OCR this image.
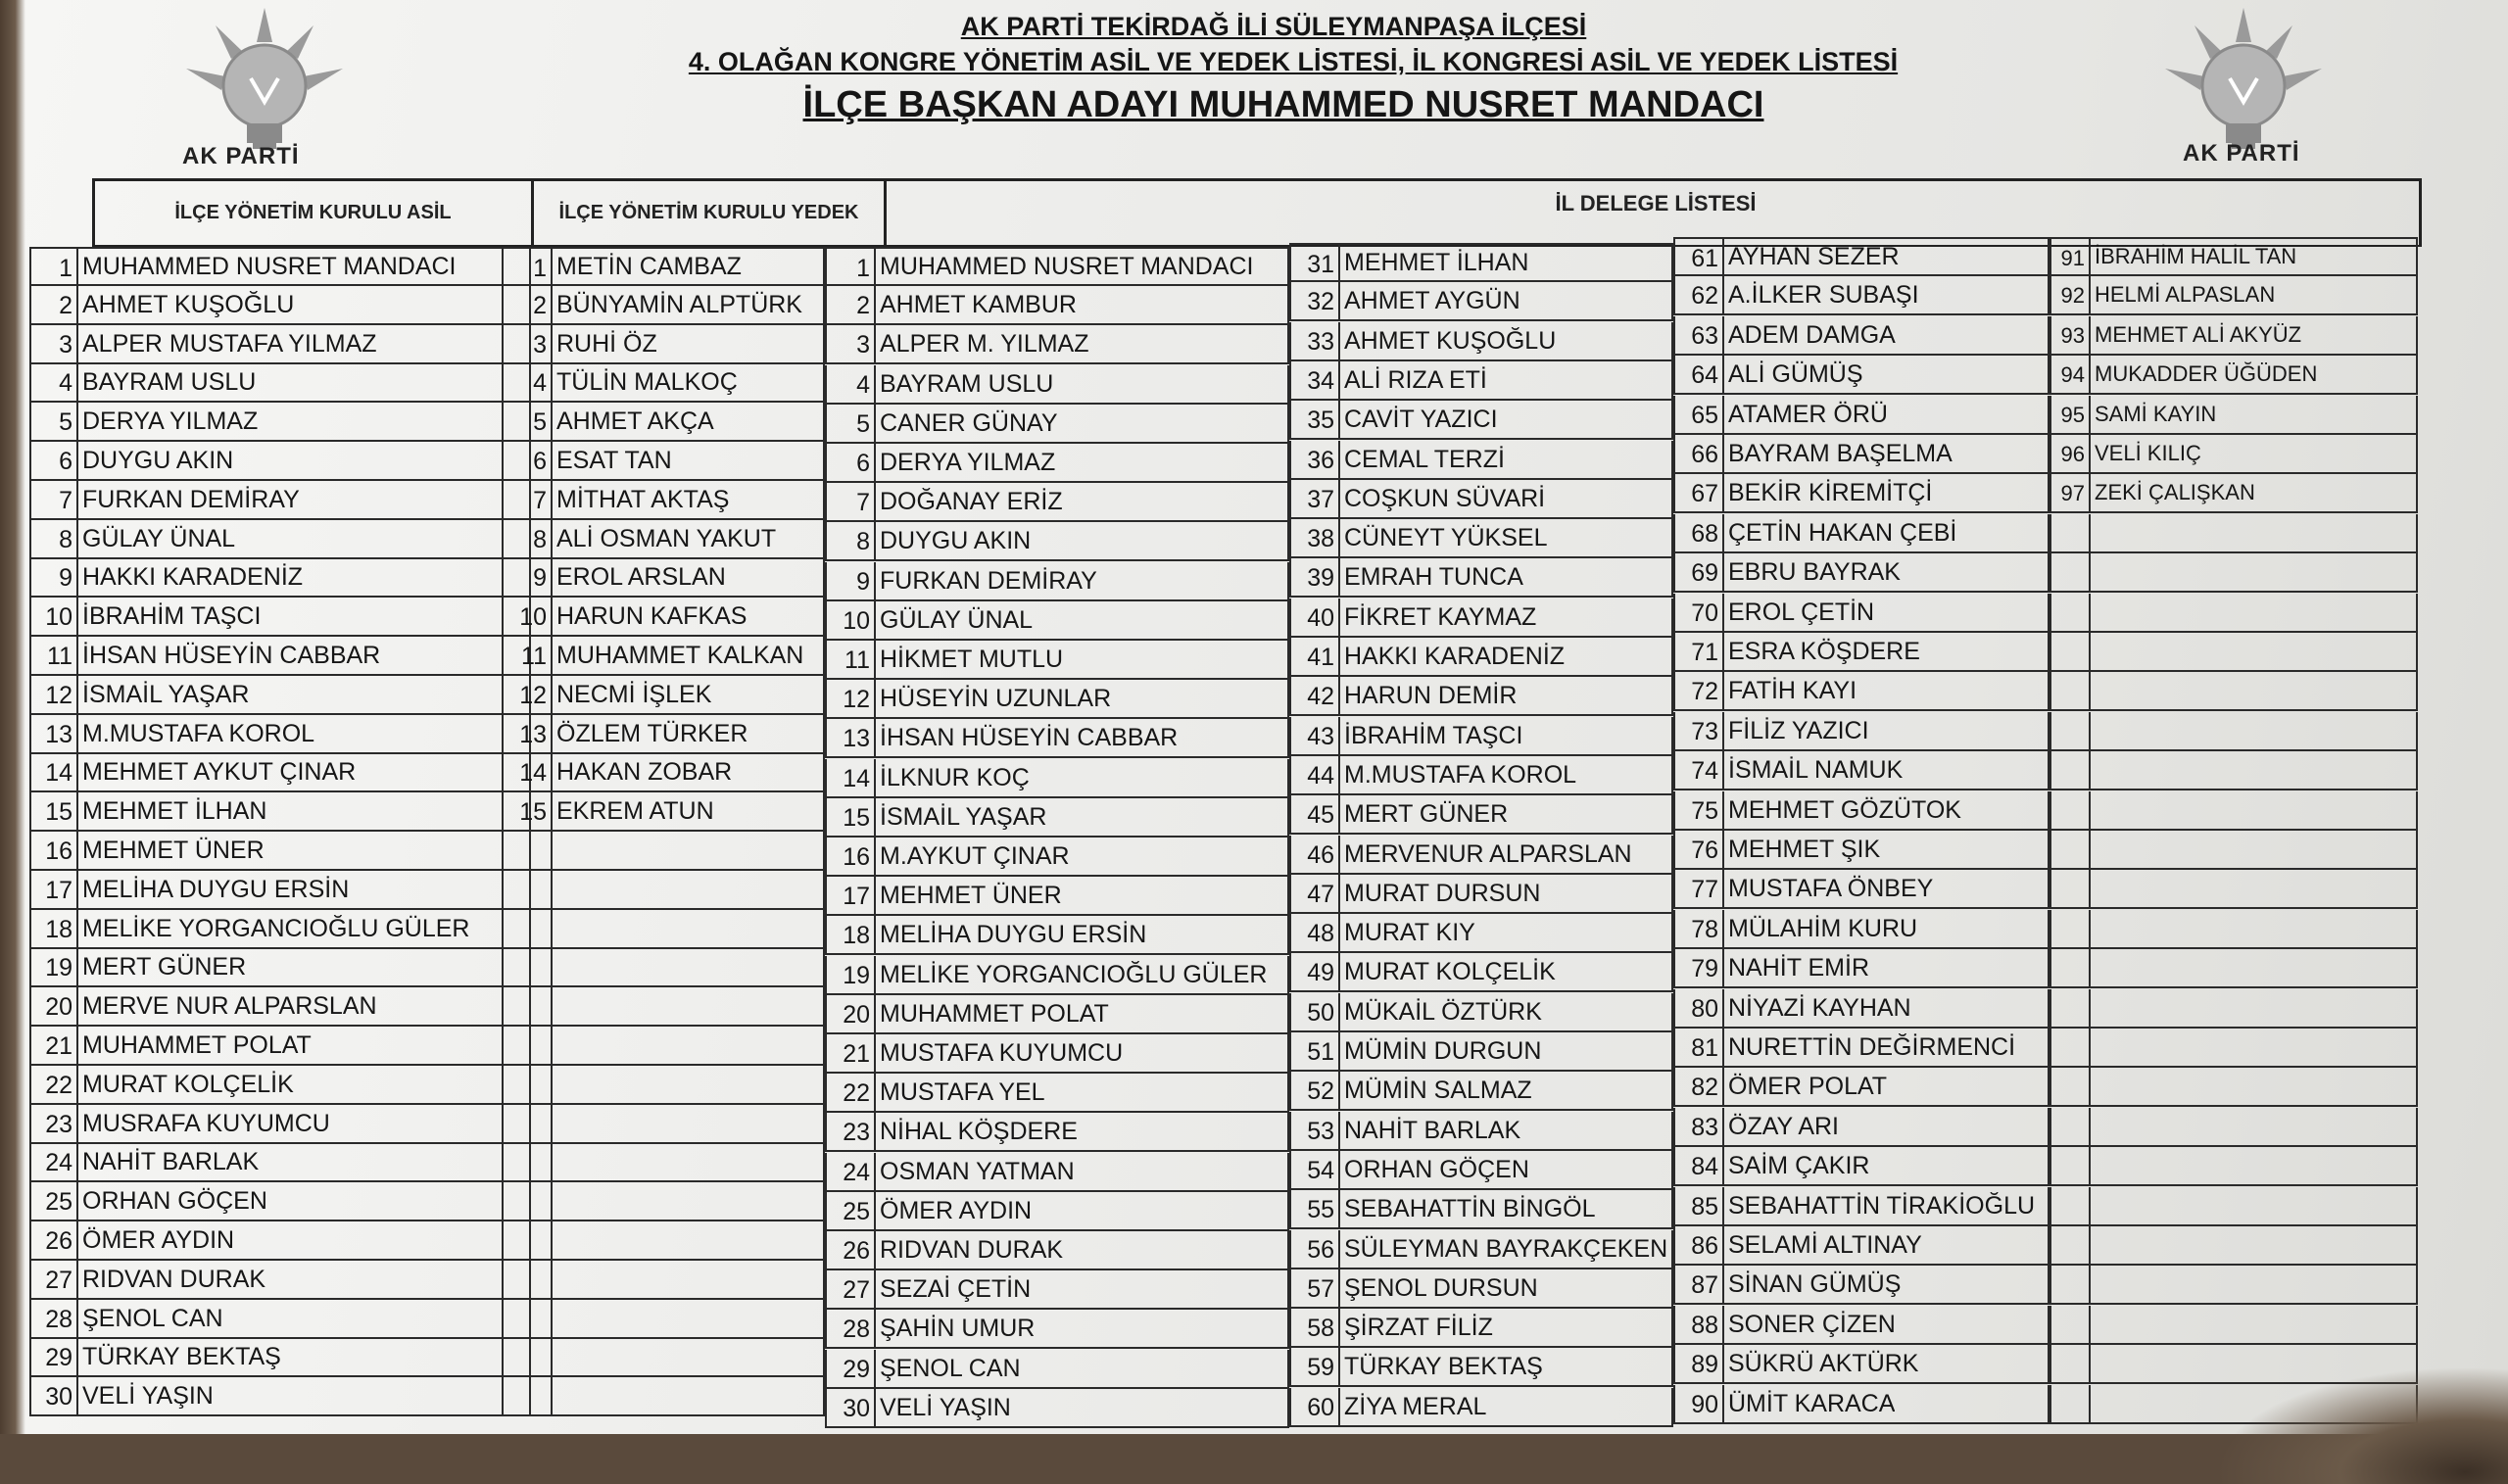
AK PARTİ	AK PARTİ
AK PARTİ TEKİRDAĞ İLİ SÜLEYMANPAŞA İLÇESİ
4. OLAĞAN KONGRE YÖNETİM ASİL VE YEDEK LİSTESİ, İL KONGRESİ ASİL VE YEDEK LİSTESİ
İLÇE BAŞKAN ADAYI MUHAMMED NUSRET MANDACI
İLÇE YÖNETİM KURULU ASİL	İLÇE YÖNETİM KURULU YEDEK	İL DELEGE LİSTESİ
1 MUHAMMED NUSRET MANDACI
2 AHMET KUŞOĞLU
3 ALPER MUSTAFA YILMAZ
4 BAYRAM USLU
5 DERYA YILMAZ
6 DUYGU AKIN
7 FURKAN DEMİRAY
8 GÜLAY ÜNAL
9 HAKKI KARADENİZ
10 İBRAHİM TAŞCI
11 İHSAN HÜSEYİN CABBAR
12 İSMAİL YAŞAR
13 M.MUSTAFA KOROL
14 MEHMET AYKUT ÇINAR
15 MEHMET İLHAN
16 MEHMET ÜNER
17 MELİHA DUYGU ERSİN
18 MELİKE YORGANCIOĞLU GÜLER
19 MERT GÜNER
20 MERVE NUR ALPARSLAN
21 MUHAMMET POLAT
22 MURAT KOLÇELİK
23 MUSRAFA KUYUMCU
24 NAHİT BARLAK
25 ORHAN GÖÇEN
26 ÖMER AYDIN
27 RIDVAN DURAK
28 ŞENOL CAN
29 TÜRKAY BEKTAŞ
30 VELİ YAŞIN
1 METİN CAMBAZ
2 BÜNYAMİN ALPTÜRK
3 RUHİ ÖZ
4 TÜLİN MALKOÇ
5 AHMET AKÇA
6 ESAT TAN
7 MİTHAT AKTAŞ
8 ALİ OSMAN YAKUT
9 EROL ARSLAN
10 HARUN KAFKAS
11 MUHAMMET KALKAN
12 NECMİ İŞLEK
13 ÖZLEM TÜRKER
14 HAKAN ZOBAR
15 EKREM ATUN
1 MUHAMMED NUSRET MANDACI
2 AHMET KAMBUR
3 ALPER M. YILMAZ
4 BAYRAM USLU
5 CANER GÜNAY
6 DERYA YILMAZ
7 DOĞANAY ERİZ
8 DUYGU AKIN
9 FURKAN DEMİRAY
10 GÜLAY ÜNAL
11 HİKMET MUTLU
12 HÜSEYİN UZUNLAR
13 İHSAN HÜSEYİN CABBAR
14 İLKNUR KOÇ
15 İSMAİL YAŞAR
16 M.AYKUT ÇINAR
17 MEHMET ÜNER
18 MELİHA DUYGU ERSİN
19 MELİKE YORGANCIOĞLU GÜLER
20 MUHAMMET POLAT
21 MUSTAFA KUYUMCU
22 MUSTAFA YEL
23 NİHAL KÖŞDERE
24 OSMAN YATMAN
25 ÖMER AYDIN
26 RIDVAN DURAK
27 SEZAİ ÇETİN
28 ŞAHİN UMUR
29 ŞENOL CAN
30 VELİ YAŞIN
31 MEHMET İLHAN
32 AHMET AYGÜN
33 AHMET KUŞOĞLU
34 ALİ RIZA ETİ
35 CAVİT YAZICI
36 CEMAL TERZİ
37 COŞKUN SÜVARİ
38 CÜNEYT YÜKSEL
39 EMRAH TUNCA
40 FİKRET KAYMAZ
41 HAKKI KARADENİZ
42 HARUN DEMİR
43 İBRAHİM TAŞCI
44 M.MUSTAFA KOROL
45 MERT GÜNER
46 MERVENUR ALPARSLAN
47 MURAT DURSUN
48 MURAT KIY
49 MURAT KOLÇELİK
50 MÜKAİL ÖZTÜRK
51 MÜMİN DURGUN
52 MÜMİN SALMAZ
53 NAHİT BARLAK
54 ORHAN GÖÇEN
55 SEBAHATTİN BİNGÖL
56 SÜLEYMAN BAYRAKÇEKEN
57 ŞENOL DURSUN
58 ŞİRZAT FİLİZ
59 TÜRKAY BEKTAŞ
60 ZİYA MERAL
61 AYHAN SEZER
62 A.İLKER SUBAŞI
63 ADEM DAMGA
64 ALİ GÜMÜŞ
65 ATAMER ÖRÜ
66 BAYRAM BAŞELMA
67 BEKİR KİREMİTÇİ
68 ÇETİN HAKAN ÇEBİ
69 EBRU BAYRAK
70 EROL ÇETİN
71 ESRA KÖŞDERE
72 FATİH KAYI
73 FİLİZ YAZICI
74 İSMAİL NAMUK
75 MEHMET GÖZÜTOK
76 MEHMET ŞIK
77 MUSTAFA ÖNBEY
78 MÜLAHİM KURU
79 NAHİT EMİR
80 NİYAZİ KAYHAN
81 NURETTİN DEĞİRMENCİ
82 ÖMER POLAT
83 ÖZAY ARI
84 SAİM ÇAKIR
85 SEBAHATTİN TİRAKİOĞLU
86 SELAMİ ALTINAY
87 SİNAN GÜMÜŞ
88 SONER ÇİZEN
89 SÜKRÜ AKTÜRK
90 ÜMİT KARACA
91 İBRAHİM HALİL TAN
92 HELMİ ALPASLAN
93 MEHMET ALİ AKYÜZ
94 MUKADDER ÜĞÜDEN
95 SAMİ KAYIN
96 VELİ KILIÇ
97 ZEKİ ÇALIŞKAN
